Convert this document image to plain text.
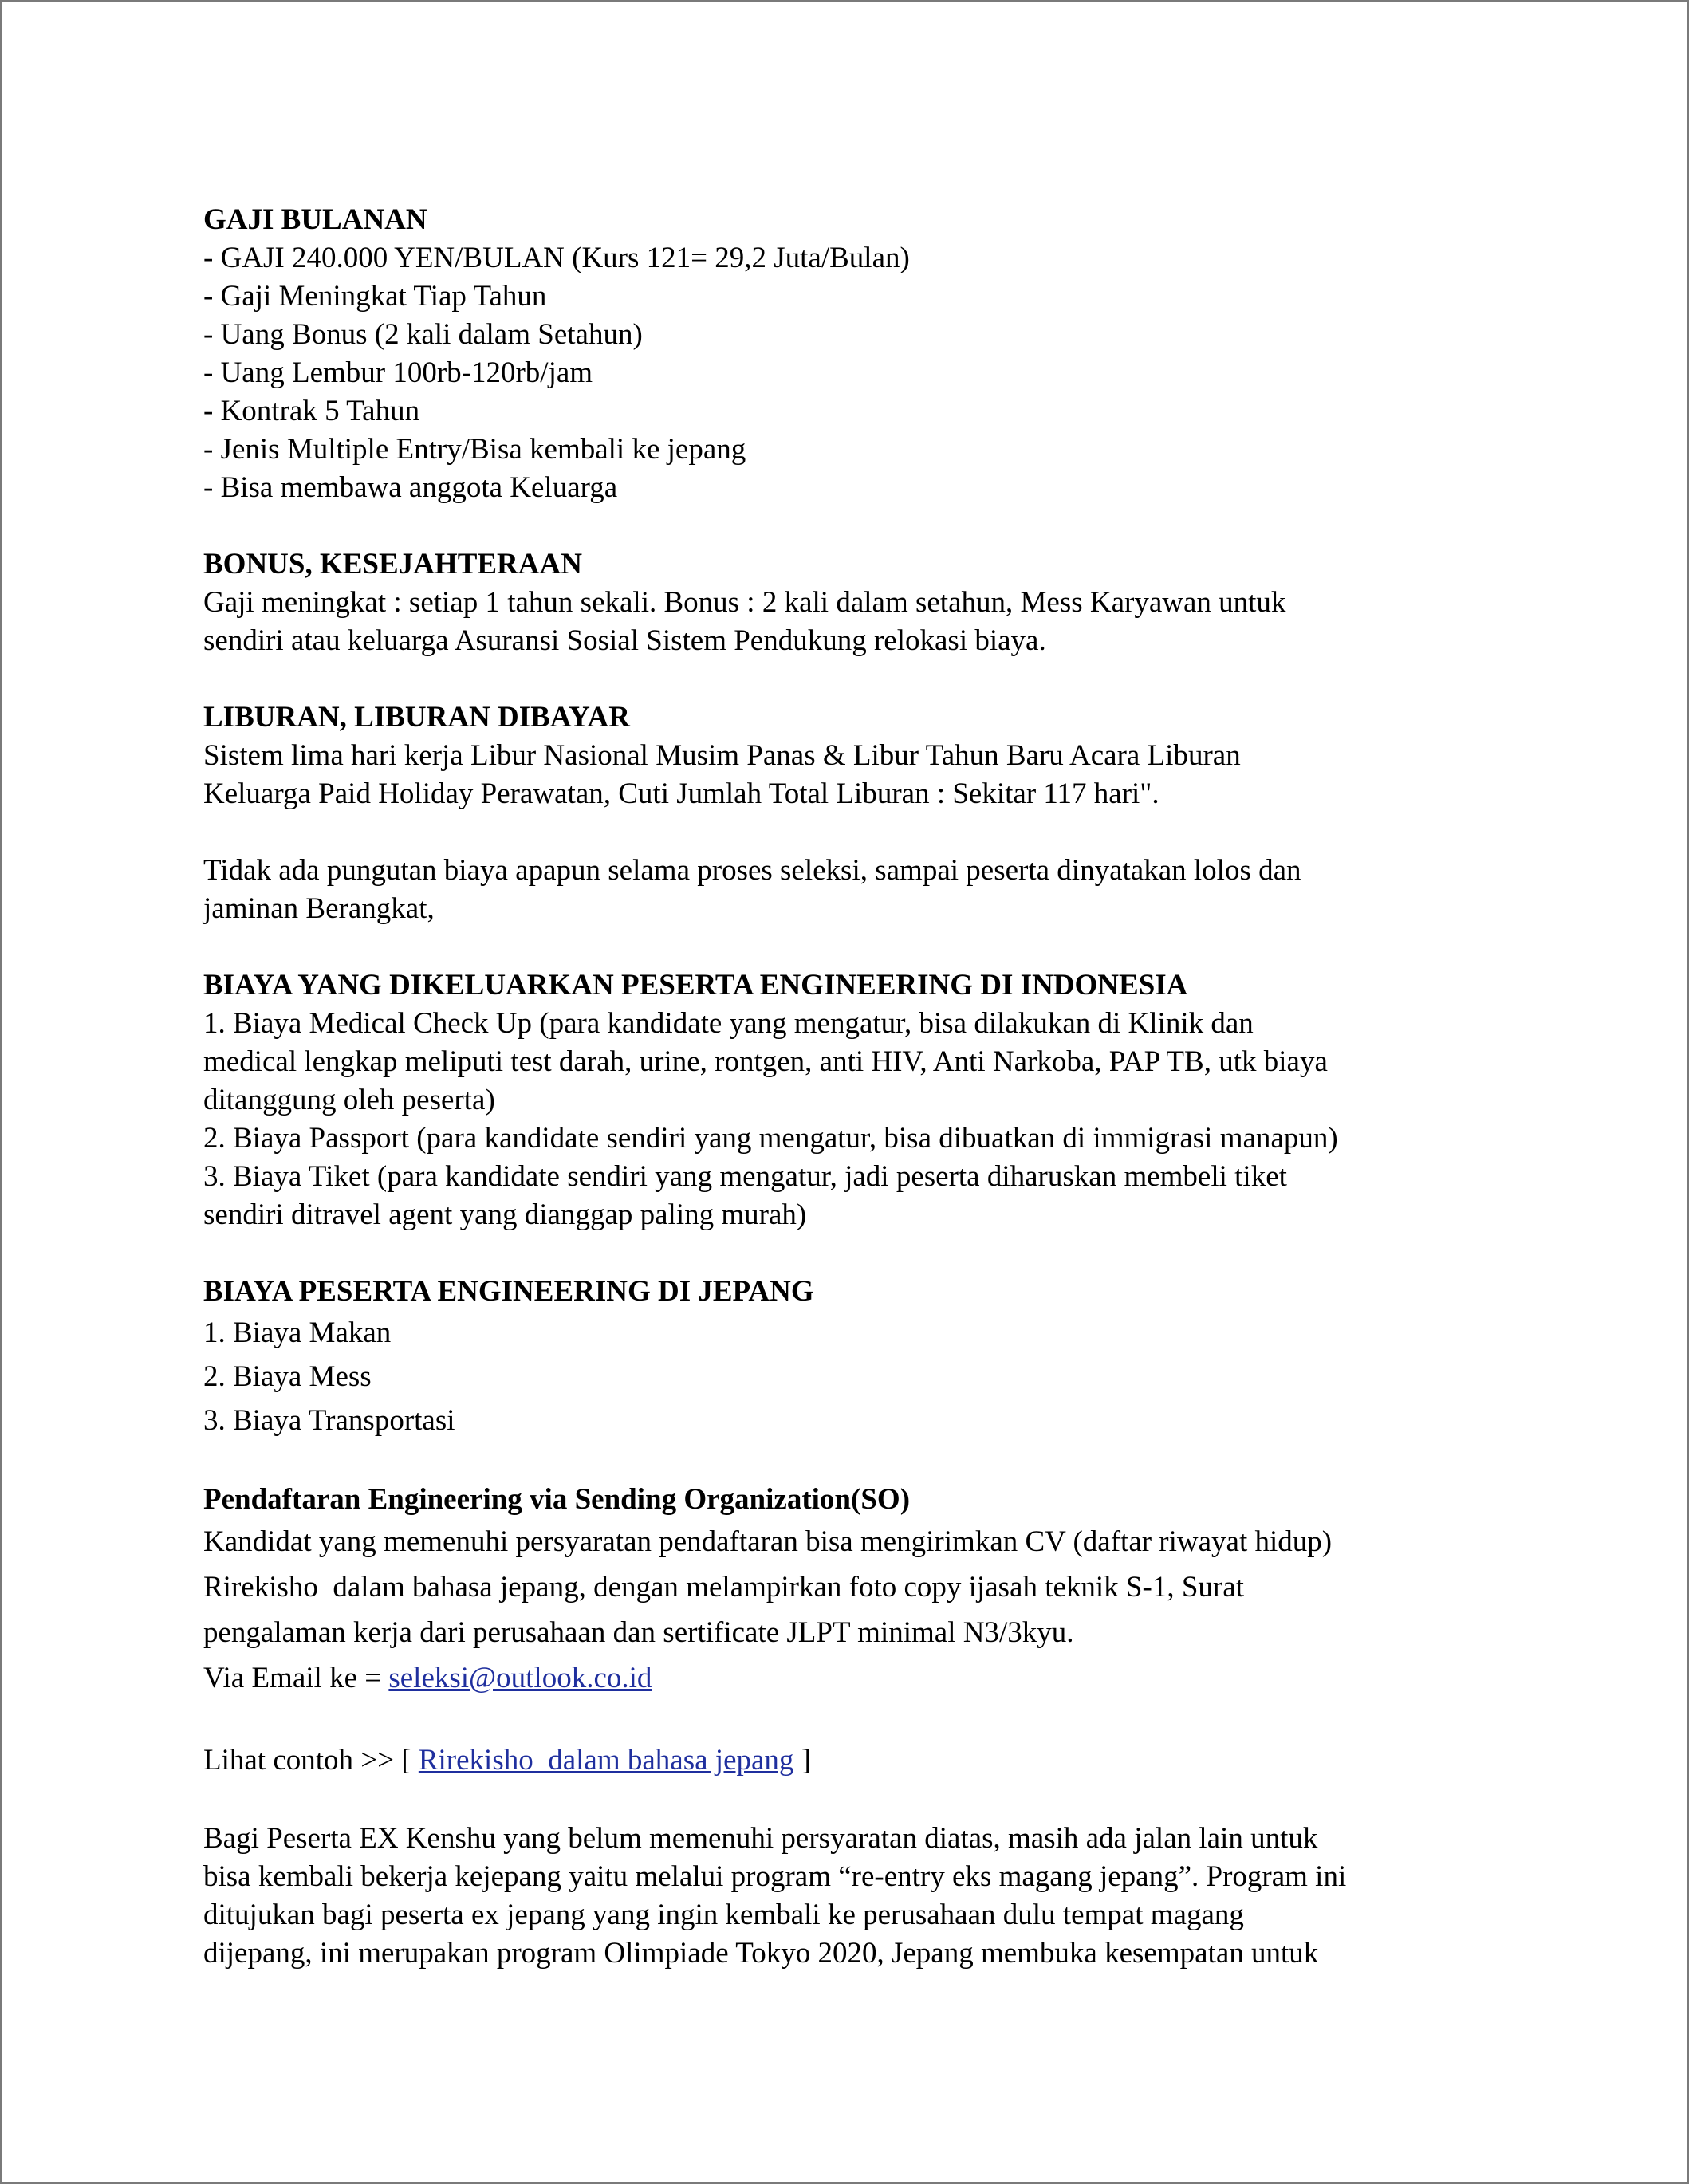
GAJI BULANAN

- GAJI 240.000 YEN/BULAN (Kurs 121= 29,2 Juta/Bulan)
- Gaji Meningkat Tiap Tahun
- Uang Bonus (2 kali dalam Setahun)
- Uang Lembur 100rb-120rb/jam
- Kontrak 5 Tahun
- Jenis Multiple Entry/Bisa kembali ke jepang
- Bisa membawa anggota Keluarga

BONUS, KESEJAHTERAAN

Gaji meningkat : setiap 1 tahun sekali. Bonus : 2 kali dalam setahun, Mess Karyawan untuk
sendiri atau keluarga Asuransi Sosial Sistem Pendukung relokasi biaya.

LIBURAN, LIBURAN DIBAYAR

Sistem lima hari kerja Libur Nasional Musim Panas & Libur Tahun Baru Acara Liburan
Keluarga Paid Holiday Perawatan, Cuti Jumlah Total Liburan : Sekitar 117 hari".

Tidak ada pungutan biaya apapun selama proses seleksi, sampai peserta dinyatakan lolos dan
jaminan Berangkat,

BIAYA YANG DIKELUARKAN PESERTA ENGINEERING DI INDONESIA

1. Biaya Medical Check Up (para kandidate yang mengatur, bisa dilakukan di Klinik dan
medical lengkap meliputi test darah, urine, rontgen, anti HIV, Anti Narkoba, PAP TB, utk biaya
ditanggung oleh peserta)
2. Biaya Passport (para kandidate sendiri yang mengatur, bisa dibuatkan di immigrasi manapun)
3. Biaya Tiket (para kandidate sendiri yang mengatur, jadi peserta diharuskan membeli tiket
sendiri ditravel agent yang dianggap paling murah)

BIAYA PESERTA ENGINEERING DI JEPANG

1. Biaya Makan
2. Biaya Mess
3. Biaya Transportasi

Pendaftaran Engineering via Sending Organization(SO)

Kandidat yang memenuhi persyaratan pendaftaran bisa mengirimkan CV (daftar riwayat hidup)
Rirekisho  dalam bahasa jepang, dengan melampirkan foto copy ijasah teknik S-1, Surat
pengalaman kerja dari perusahaan dan sertificate JLPT minimal N3/3kyu.
Via Email ke = seleksi@outlook.co.id

Lihat contoh >> [ Rirekisho  dalam bahasa jepang ]

Bagi Peserta EX Kenshu yang belum memenuhi persyaratan diatas, masih ada jalan lain untuk
bisa kembali bekerja kejepang yaitu melalui program “re-entry eks magang jepang”. Program ini
ditujukan bagi peserta ex jepang yang ingin kembali ke perusahaan dulu tempat magang
dijepang, ini merupakan program Olimpiade Tokyo 2020, Jepang membuka kesempatan untuk
